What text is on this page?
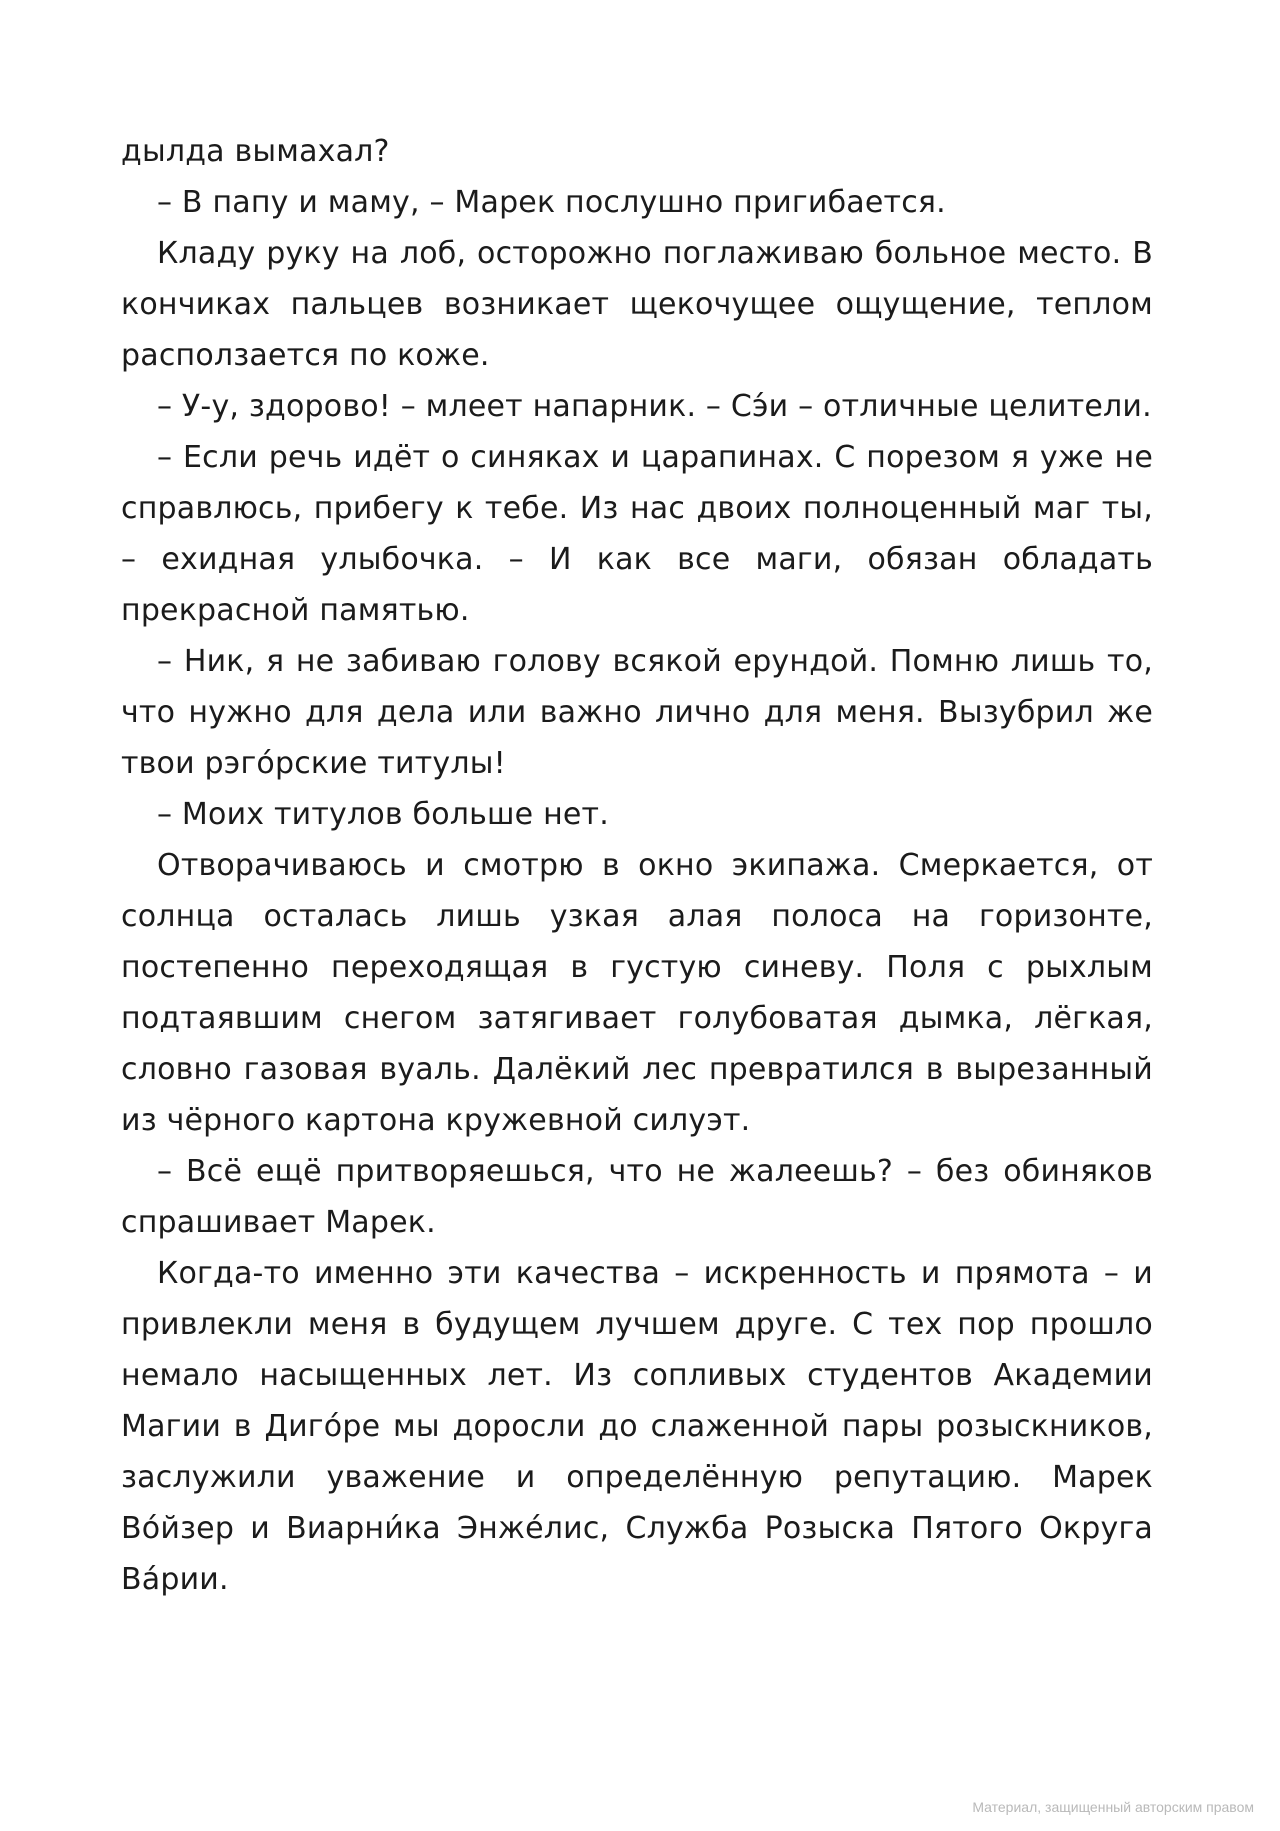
дылда вымахал?

– В папу и маму, – Марек послушно пригибается.

Кладу руку на лоб, осторожно поглаживаю больное место. В кончиках пальцев возникает щекочущее ощущение, теплом расползается по коже.

– У-у, здорово! – млеет напарник. – Сэ́и – отличные целители.

– Если речь идёт о синяках и царапинах. С порезом я уже не справлюсь, прибегу к тебе. Из нас двоих полноценный маг ты, – ехидная улыбочка. – И как все маги, обязан обладать прекрасной памятью.

– Ник, я не забиваю голову всякой ерундой. Помню лишь то, что нужно для дела или важно лично для меня. Вызубрил же твои рэго́рские титулы!

– Моих титулов больше нет.

Отворачиваюсь и смотрю в окно экипажа. Смеркается, от солнца осталась лишь узкая алая полоса на горизонте, постепенно переходящая в густую синеву. Поля с рыхлым подтаявшим снегом затягивает голубоватая дымка, лёгкая, словно газовая вуаль. Далёкий лес превратился в вырезанный из чёрного картона кружевной силуэт.

– Всё ещё притворяешься, что не жалеешь? – без обиняков спрашивает Марек.

Когда-то именно эти качества – искренность и прямота – и привлекли меня в будущем лучшем друге. С тех пор прошло немало насыщенных лет. Из сопливых студентов Академии Магии в Диго́ре мы доросли до слаженной пары розыскников, заслужили уважение и определённую репутацию. Марек Во́йзер и Виарни́ка Энже́лис, Служба Розыска Пятого Округа Ва́рии.

Материал, защищенный авторским правом
